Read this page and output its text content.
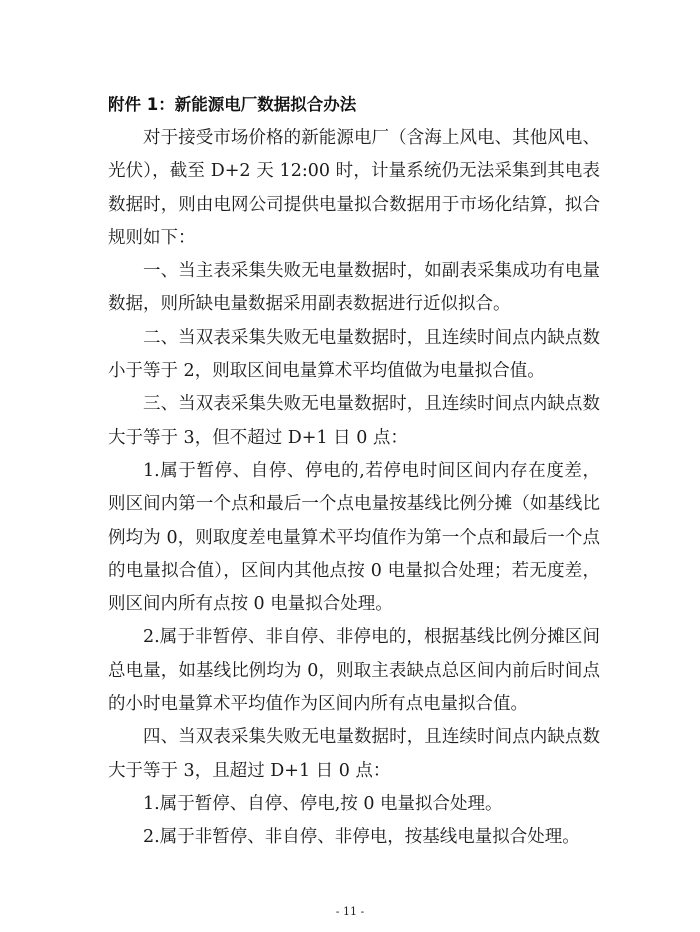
附件 1：新能源电厂数据拟合办法

对于接受市场价格的新能源电厂（含海上风电、其他风电、光伏），截至 D+2 天 12:00 时，计量系统仍无法采集到其电表数据时，则由电网公司提供电量拟合数据用于市场化结算，拟合规则如下：

一、当主表采集失败无电量数据时，如副表采集成功有电量数据，则所缺电量数据采用副表数据进行近似拟合。

二、当双表采集失败无电量数据时，且连续时间点内缺点数小于等于 2，则取区间电量算术平均值做为电量拟合值。

三、当双表采集失败无电量数据时，且连续时间点内缺点数大于等于 3，但不超过 D+1 日 0 点：

1.属于暂停、自停、停电的,若停电时间区间内存在度差，则区间内第一个点和最后一个点电量按基线比例分摊（如基线比例均为 0，则取度差电量算术平均值作为第一个点和最后一个点的电量拟合值），区间内其他点按 0 电量拟合处理；若无度差，则区间内所有点按 0 电量拟合处理。

2.属于非暂停、非自停、非停电的，根据基线比例分摊区间总电量，如基线比例均为 0，则取主表缺点总区间内前后时间点的小时电量算术平均值作为区间内所有点电量拟合值。

四、当双表采集失败无电量数据时，且连续时间点内缺点数大于等于 3，且超过 D+1 日 0 点：

1.属于暂停、自停、停电,按 0 电量拟合处理。

2.属于非暂停、非自停、非停电，按基线电量拟合处理。

- 11 -
